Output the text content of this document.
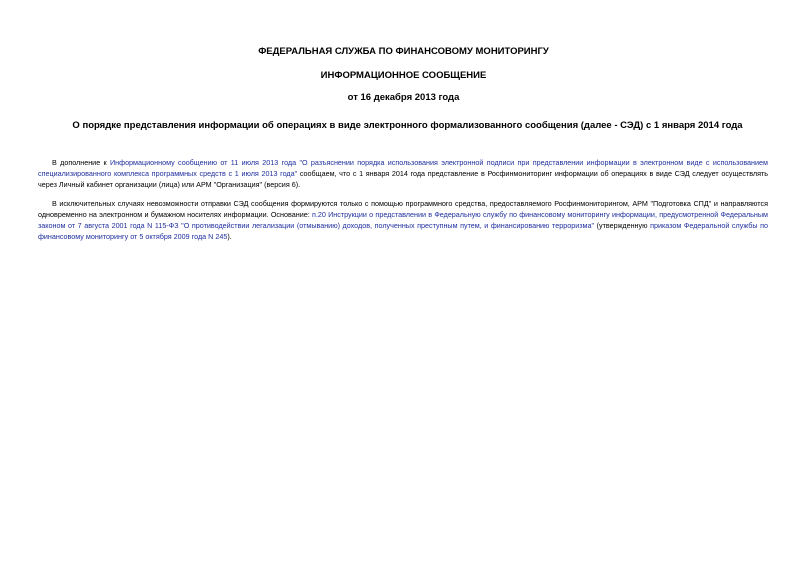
ФЕДЕРАЛЬНАЯ СЛУЖБА ПО ФИНАНСОВОМУ МОНИТОРИНГУ
ИНФОРМАЦИОННОЕ СООБЩЕНИЕ
от 16 декабря 2013 года
О порядке представления информации об операциях в виде электронного формализованного сообщения (далее - СЭД) с 1 января 2014 года

В дополнение к Информационному сообщению от 11 июля 2013 года "О разъяснении порядка использования электронной подписи при представлении информации в электронном виде с использованием специализированного комплекса программных средств с 1 июля 2013 года" сообщаем, что с 1 января 2014 года представление в Росфинмониторинг информации об операциях в виде СЭД следует осуществлять через Личный кабинет организации (лица) или АРМ "Организация" (версия 6).

В исключительных случаях невозможности отправки СЭД сообщения формируются только с помощью программного средства, предоставляемого Росфинмониторингом, АРМ "Подготовка СПД" и направляются одновременно на электронном и бумажном носителях информации. Основание: п.20 Инструкции о представлении в Федеральную службу по финансовому мониторингу информации, предусмотренной Федеральным законом от 7 августа 2001 года N 115-ФЗ "О противодействии легализации (отмыванию) доходов, полученных преступным путем, и финансированию терроризма" (утвержденную приказом Федеральной службы по финансовому мониторингу от 5 октября 2009 года N 245).
